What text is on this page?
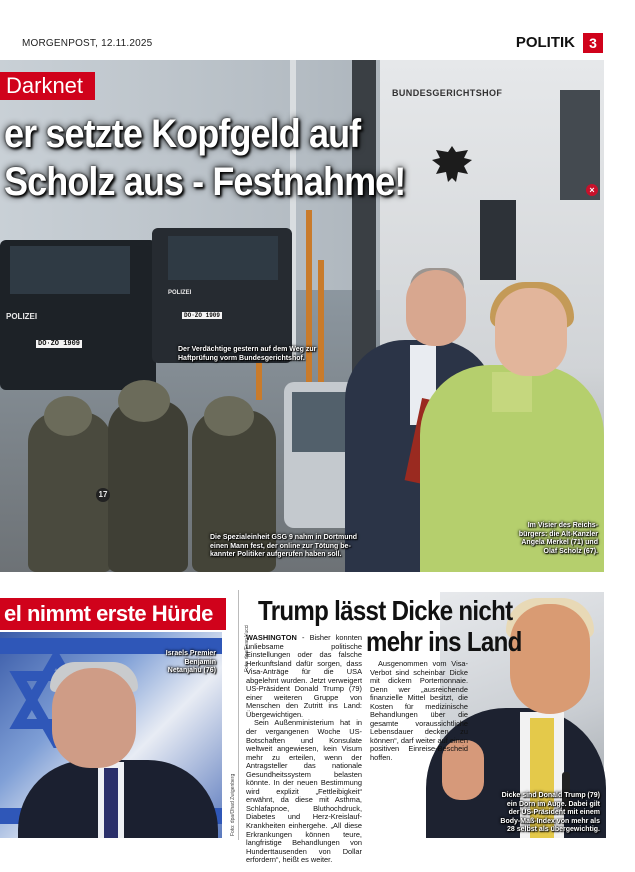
MORGENPOST, 12.11.2025	POLITIK	3
BUNDESGERICHTSHOF
×
DO·ZO 1909
DO·ZO 1909
POLIZEI
POLIZEI
17
Darknet
er setzte Kopfgeld auf
Scholz aus - Festnahme!
Der Verdächtige gestern auf dem Weg zur
Haftprüfung vorm Bundesgerichtshof.
Die Spezialeinheit GSG 9 nahm in Dortmund
einen Mann fest, der online zur Tötung be-
kannter Politiker aufgerufen haben soll.
Im Visier des Reichs-
bürgers: die Alt-Kanzler
Angela Merkel (71) und
Olaf Scholz (67).
el nimmt erste Hürde
Israels Premier
Benjamin
Netanjahu (76)
Foto: dpa/Ohad Zwigenberg
Trump lässt Dicke nicht
mehr ins Land
Foto: dpa/Evan Vucci

WASHINGTON - Bisher konnten unliebsame politische Einstellungen oder das falsche Herkunftsland dafür sorgen, dass Visa-Anträge für die USA abgelehnt wurden. Jetzt verweigert US-Präsident Donald Trump (79) einer weiteren Gruppe von Menschen den Zutritt ins Land: Übergewichtigen.

Sein Außenministerium hat in der vergangenen Woche US-Botschaften und Konsulate weltweit angewiesen, kein Visum mehr zu erteilen, wenn der Antragsteller das nationale Gesundheitssystem belasten könnte. In der neuen Bestimmung wird explizit „Fettleibigkeit“ erwähnt, da diese mit Asthma, Schlafapnoe, Bluthochdruck, Diabetes und Herz-Kreislauf-Krankheiten einhergehe. „All diese Erkrankungen können teure, langfristige Behandlungen von Hunderttausenden von Dollar erfordern“, heißt es weiter.

Ausgenommen vom Visa-Verbot sind scheinbar Dicke mit dickem Portemonnaie. Denn wer „ausreichende finanzielle Mittel besitzt, die Kosten für medizinische Behandlungen über die gesamte voraussichtliche Lebensdauer decken zu können“, darf weiter auf einen positiven Einreise-Bescheid hoffen.

Dicke sind Donald Trump (79)
ein Dorn im Auge. Dabei gilt
der US-Präsident mit einem
Body-Maß-Index von mehr als
28 selbst als übergewichtig.
